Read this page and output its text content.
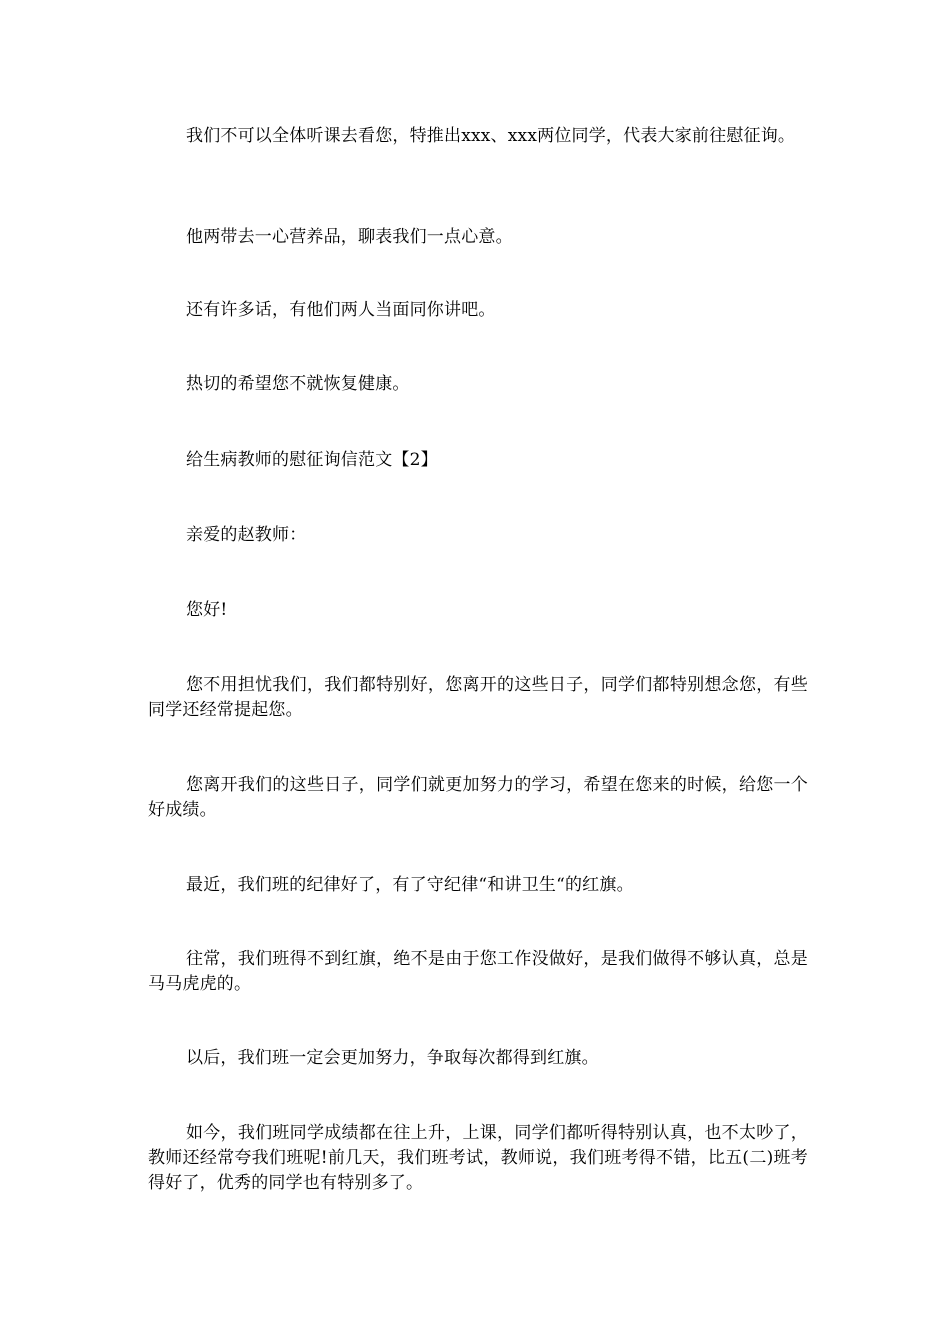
我们不可以全体听课去看您，特推出xxx、xxx两位同学，代表大家前往慰征询。

他两带去一心营养品，聊表我们一点心意。

还有许多话，有他们两人当面同你讲吧。

热切的希望您不就恢复健康。

给生病教师的慰征询信范文【2】

亲爱的赵教师：

您好!

您不用担忧我们，我们都特别好，您离开的这些日子，同学们都特别想念您，有些同学还经常提起您。

您离开我们的这些日子，同学们就更加努力的学习，希望在您来的时候，给您一个好成绩。

最近，我们班的纪律好了，有了守纪律“和讲卫生“的红旗。

往常，我们班得不到红旗，绝不是由于您工作没做好，是我们做得不够认真，总是马马虎虎的。

以后，我们班一定会更加努力，争取每次都得到红旗。

如今，我们班同学成绩都在往上升，上课，同学们都听得特别认真，也不太吵了，教师还经常夸我们班呢!前几天，我们班考试，教师说，我们班考得不错，比五(二)班考得好了，优秀的同学也有特别多了。
